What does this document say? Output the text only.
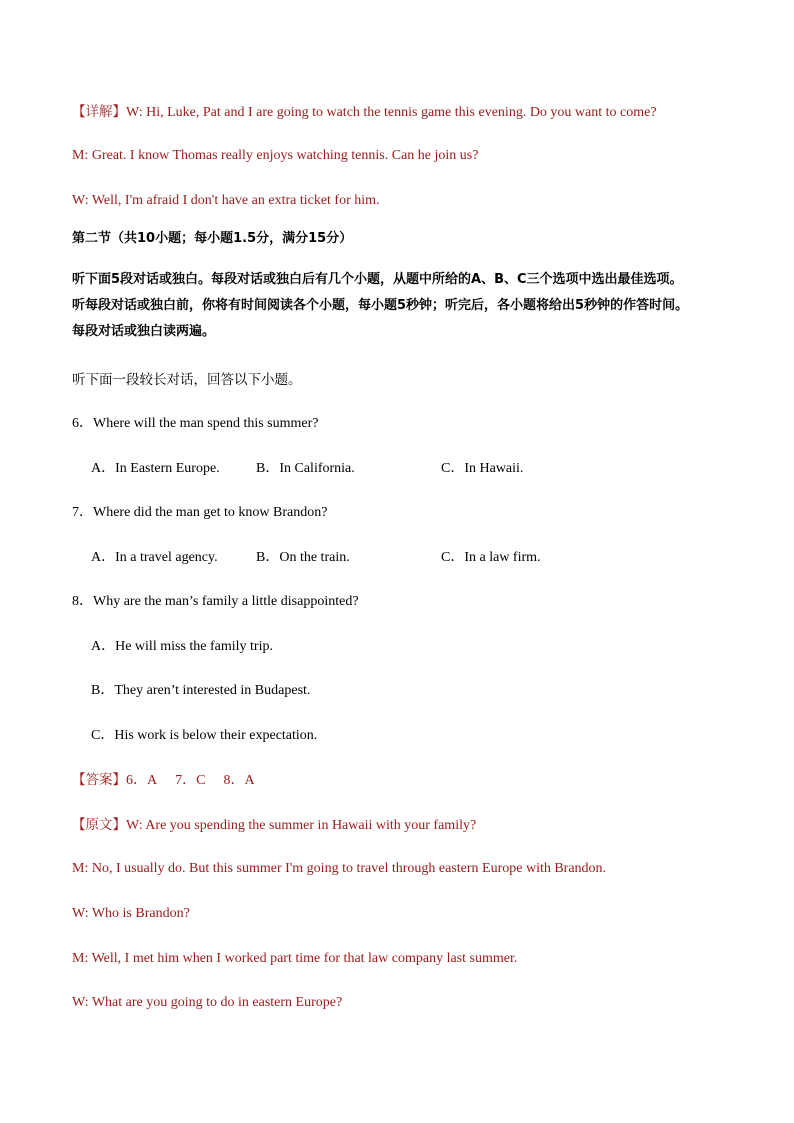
【详解】W: Hi, Luke, Pat and I are going to watch the tennis game this evening. Do you want to come?
M: Great. I know Thomas really enjoys watching tennis. Can he join us?
W: Well, I'm afraid I don't have an extra ticket for him.
第二节（共10小题；每小题1.5分，满分15分）
听下面5段对话或独白。每段对话或独白后有几个小题，从题中所给的A、B、C三个选项中选出最佳选项。
听每段对话或独白前，你将有时间阅读各个小题，每小题5秒钟；听完后，各小题将给出5秒钟的作答时间。
每段对话或独白读两遍。
听下面一段较长对话，回答以下小题。
6．Where will the man spend this summer?
A．In Eastern Europe.	B．In California.	C．In Hawaii.
7．Where did the man get to know Brandon?
A．In a travel agency.	B．On the train.	C．In a law firm.
8．Why are the man’s family a little disappointed?
A．He will miss the family trip.
B．They aren’t interested in Budapest.
C．His work is below their expectation.
【答案】6．A 7．C 8．A
【原文】W: Are you spending the summer in Hawaii with your family?
M: No, I usually do. But this summer I'm going to travel through eastern Europe with Brandon.
W: Who is Brandon?
M: Well, I met him when I worked part time for that law company last summer.
W: What are you going to do in eastern Europe?
